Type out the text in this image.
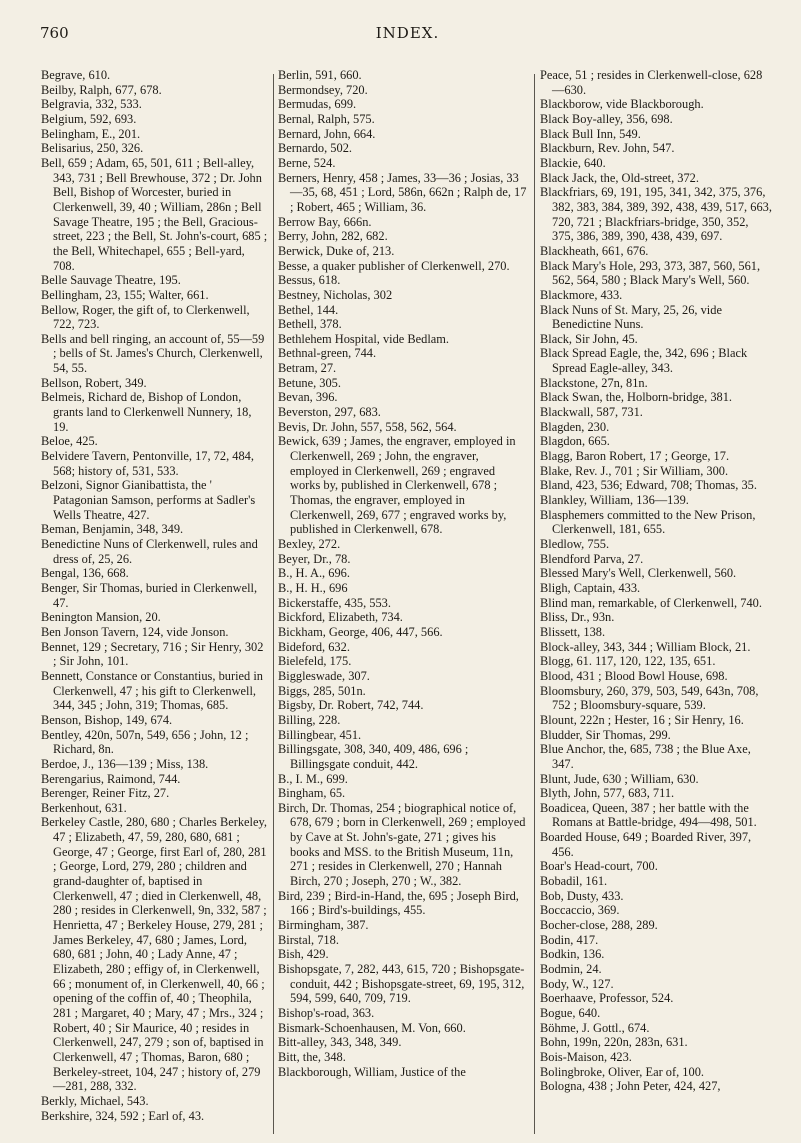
760	INDEX.
Begrave, 610.
Beilby, Ralph, 677, 678.
Belgravia, 332, 533.
Belgium, 592, 693.
Belingham, E., 201.
Belisarius, 250, 326.
Bell, 659 ; Adam, 65, 501, 611 ; Bell-alley, 343, 731 ; Bell Brewhouse, 372 ; Dr. John Bell, Bishop of Worcester, buried in Clerkenwell, 39, 40 ; William, 286n ; Bell Savage Theatre, 195 ; the Bell, Gracious-street, 223 ; the Bell, St. John's-court, 685 ; the Bell, Whitechapel, 655 ; Bell-yard, 708.
Belle Sauvage Theatre, 195.
Bellingham, 23, 155; Walter, 661.
Bellow, Roger, the gift of, to Clerkenwell, 722, 723.
Bells and bell ringing, an account of, 55—59 ; bells of St. James's Church, Clerkenwell, 54, 55.
Bellson, Robert, 349.
Belmeis, Richard de, Bishop of London, grants land to Clerkenwell Nunnery, 18, 19.
Beloe, 425.
Belvidere Tavern, Pentonville, 17, 72, 484, 568; history of, 531, 533.
Belzoni, Signor Gianibattista, the ' Patagonian Samson, performs at Sadler's Wells Theatre, 427.
Beman, Benjamin, 348, 349.
Benedictine Nuns of Clerkenwell, rules and dress of, 25, 26.
Bengal, 136, 668.
Benger, Sir Thomas, buried in Clerkenwell, 47.
Benington Mansion, 20.
Ben Jonson Tavern, 124, vide Jonson.
Bennet, 129 ; Secretary, 716 ; Sir Henry, 302 ; Sir John, 101.
Bennett, Constance or Constantius, buried in Clerkenwell, 47 ; his gift to Clerkenwell, 344, 345 ; John, 319; Thomas, 685.
Benson, Bishop, 149, 674.
Bentley, 420n, 507n, 549, 656 ; John, 12 ; Richard, 8n.
Berdoe, J., 136—139 ; Miss, 138.
Berengarius, Raimond, 744.
Berenger, Reiner Fitz, 27.
Berkenhout, 631.
Berkeley Castle, 280, 680 ; Charles Berkeley, 47 ; Elizabeth, 47, 59, 280, 680, 681 ; George, 47 ; George, first Earl of, 280, 281 ; George, Lord, 279, 280 ; children and grand-daughter of, baptised in Clerkenwell, 47 ; died in Clerkenwell, 48, 280 ; resides in Clerkenwell, 9n, 332, 587 ; Henrietta, 47 ; Berkeley House, 279, 281 ; James Berkeley, 47, 680 ; James, Lord, 680, 681 ; John, 40 ; Lady Anne, 47 ; Elizabeth, 280 ; effigy of, in Clerkenwell, 66 ; monument of, in Clerkenwell, 40, 66 ; opening of the coffin of, 40 ; Theophila, 281 ; Margaret, 40 ; Mary, 47 ; Mrs., 324 ; Robert, 40 ; Sir Maurice, 40 ; resides in Clerkenwell, 247, 279 ; son of, baptised in Clerkenwell, 47 ; Thomas, Baron, 680 ; Berkeley-street, 104, 247 ; history of, 279—281, 288, 332.
Berkly, Michael, 543.
Berkshire, 324, 592 ; Earl of, 43.
Berlin, 591, 660.
Bermondsey, 720.
Bermudas, 699.
Bernal, Ralph, 575.
Bernard, John, 664.
Bernardo, 502.
Berne, 524.
Berners, Henry, 458 ; James, 33—36 ; Josias, 33—35, 68, 451 ; Lord, 586n, 662n ; Ralph de, 17 ; Robert, 465 ; William, 36.
Berrow Bay, 666n.
Berry, John, 282, 682.
Berwick, Duke of, 213.
Besse, a quaker publisher of Clerkenwell, 270.
Bessus, 618.
Bestney, Nicholas, 302
Bethel, 144.
Bethell, 378.
Bethlehem Hospital, vide Bedlam.
Bethnal-green, 744.
Betram, 27.
Betune, 305.
Bevan, 396.
Beverston, 297, 683.
Bevis, Dr. John, 557, 558, 562, 564.
Bewick, 639 ; James, the engraver, employed in Clerkenwell, 269 ; John, the engraver, employed in Clerkenwell, 269 ; engraved works by, published in Clerkenwell, 678 ; Thomas, the engraver, employed in Clerkenwell, 269, 677 ; engraved works by, published in Clerkenwell, 678.
Bexley, 272.
Beyer, Dr., 78.
B., H. A., 696.
B., H. H., 696
Bickerstaffe, 435, 553.
Bickford, Elizabeth, 734.
Bickham, George, 406, 447, 566.
Bideford, 632.
Bielefeld, 175.
Biggleswade, 307.
Biggs, 285, 501n.
Bigsby, Dr. Robert, 742, 744.
Billing, 228.
Billingbear, 451.
Billingsgate, 308, 340, 409, 486, 696 ; Billingsgate conduit, 442.
B., I. M., 699.
Bingham, 65.
Birch, Dr. Thomas, 254 ; biographical notice of, 678, 679 ; born in Clerkenwell, 269 ; employed by Cave at St. John's-gate, 271 ; gives his books and MSS. to the British Museum, 11n, 271 ; resides in Clerkenwell, 270 ; Hannah Birch, 270 ; Joseph, 270 ; W., 382.
Bird, 239 ; Bird-in-Hand, the, 695 ; Joseph Bird, 166 ; Bird's-buildings, 455.
Birmingham, 387.
Birstal, 718.
Bish, 429.
Bishopsgate, 7, 282, 443, 615, 720 ; Bishopsgate-conduit, 442 ; Bishopsgate-street, 69, 195, 312, 594, 599, 640, 709, 719.
Bishop's-road, 363.
Bismark-Schoenhausen, M. Von, 660.
Bitt-alley, 343, 348, 349.
Bitt, the, 348.
Blackborough, William, Justice of the
Peace, 51 ; resides in Clerkenwell-close, 628—630.
Blackborow, vide Blackborough.
Black Boy-alley, 356, 698.
Black Bull Inn, 549.
Blackburn, Rev. John, 547.
Blackie, 640.
Black Jack, the, Old-street, 372.
Blackfriars, 69, 191, 195, 341, 342, 375, 376, 382, 383, 384, 389, 392, 438, 439, 517, 663, 720, 721 ; Blackfriars-bridge, 350, 352, 375, 386, 389, 390, 438, 439, 697.
Blackheath, 661, 676.
Black Mary's Hole, 293, 373, 387, 560, 561, 562, 564, 580 ; Black Mary's Well, 560.
Blackmore, 433.
Black Nuns of St. Mary, 25, 26, vide Benedictine Nuns.
Black, Sir John, 45.
Black Spread Eagle, the, 342, 696 ; Black Spread Eagle-alley, 343.
Blackstone, 27n, 81n.
Black Swan, the, Holborn-bridge, 381.
Blackwall, 587, 731.
Blagden, 230.
Blagdon, 665.
Blagg, Baron Robert, 17 ; George, 17.
Blake, Rev. J., 701 ; Sir William, 300.
Bland, 423, 536; Edward, 708; Thomas, 35.
Blankley, William, 136—139.
Blasphemers committed to the New Prison, Clerkenwell, 181, 655.
Bledlow, 755.
Blendford Parva, 27.
Blessed Mary's Well, Clerkenwell, 560.
Bligh, Captain, 433.
Blind man, remarkable, of Clerkenwell, 740.
Bliss, Dr., 93n.
Blissett, 138.
Block-alley, 343, 344 ; William Block, 21.
Blogg, 61. 117, 120, 122, 135, 651.
Blood, 431 ; Blood Bowl House, 698.
Bloomsbury, 260, 379, 503, 549, 643n, 708, 752 ; Bloomsbury-square, 539.
Blount, 222n ; Hester, 16 ; Sir Henry, 16.
Bludder, Sir Thomas, 299.
Blue Anchor, the, 685, 738 ; the Blue Axe, 347.
Blunt, Jude, 630 ; William, 630.
Blyth, John, 577, 683, 711.
Boadicea, Queen, 387 ; her battle with the Romans at Battle-bridge, 494—498, 501.
Boarded House, 649 ; Boarded River, 397, 456.
Boar's Head-court, 700.
Bobadil, 161.
Bob, Dusty, 433.
Boccaccio, 369.
Bocher-close, 288, 289.
Bodin, 417.
Bodkin, 136.
Bodmin, 24.
Body, W., 127.
Boerhaave, Professor, 524.
Bogue, 640.
Böhme, J. Gottl., 674.
Bohn, 199n, 220n, 283n, 631.
Bois-Maison, 423.
Bolingbroke, Oliver, Ear of, 100.
Bologna, 438 ; John Peter, 424, 427,
